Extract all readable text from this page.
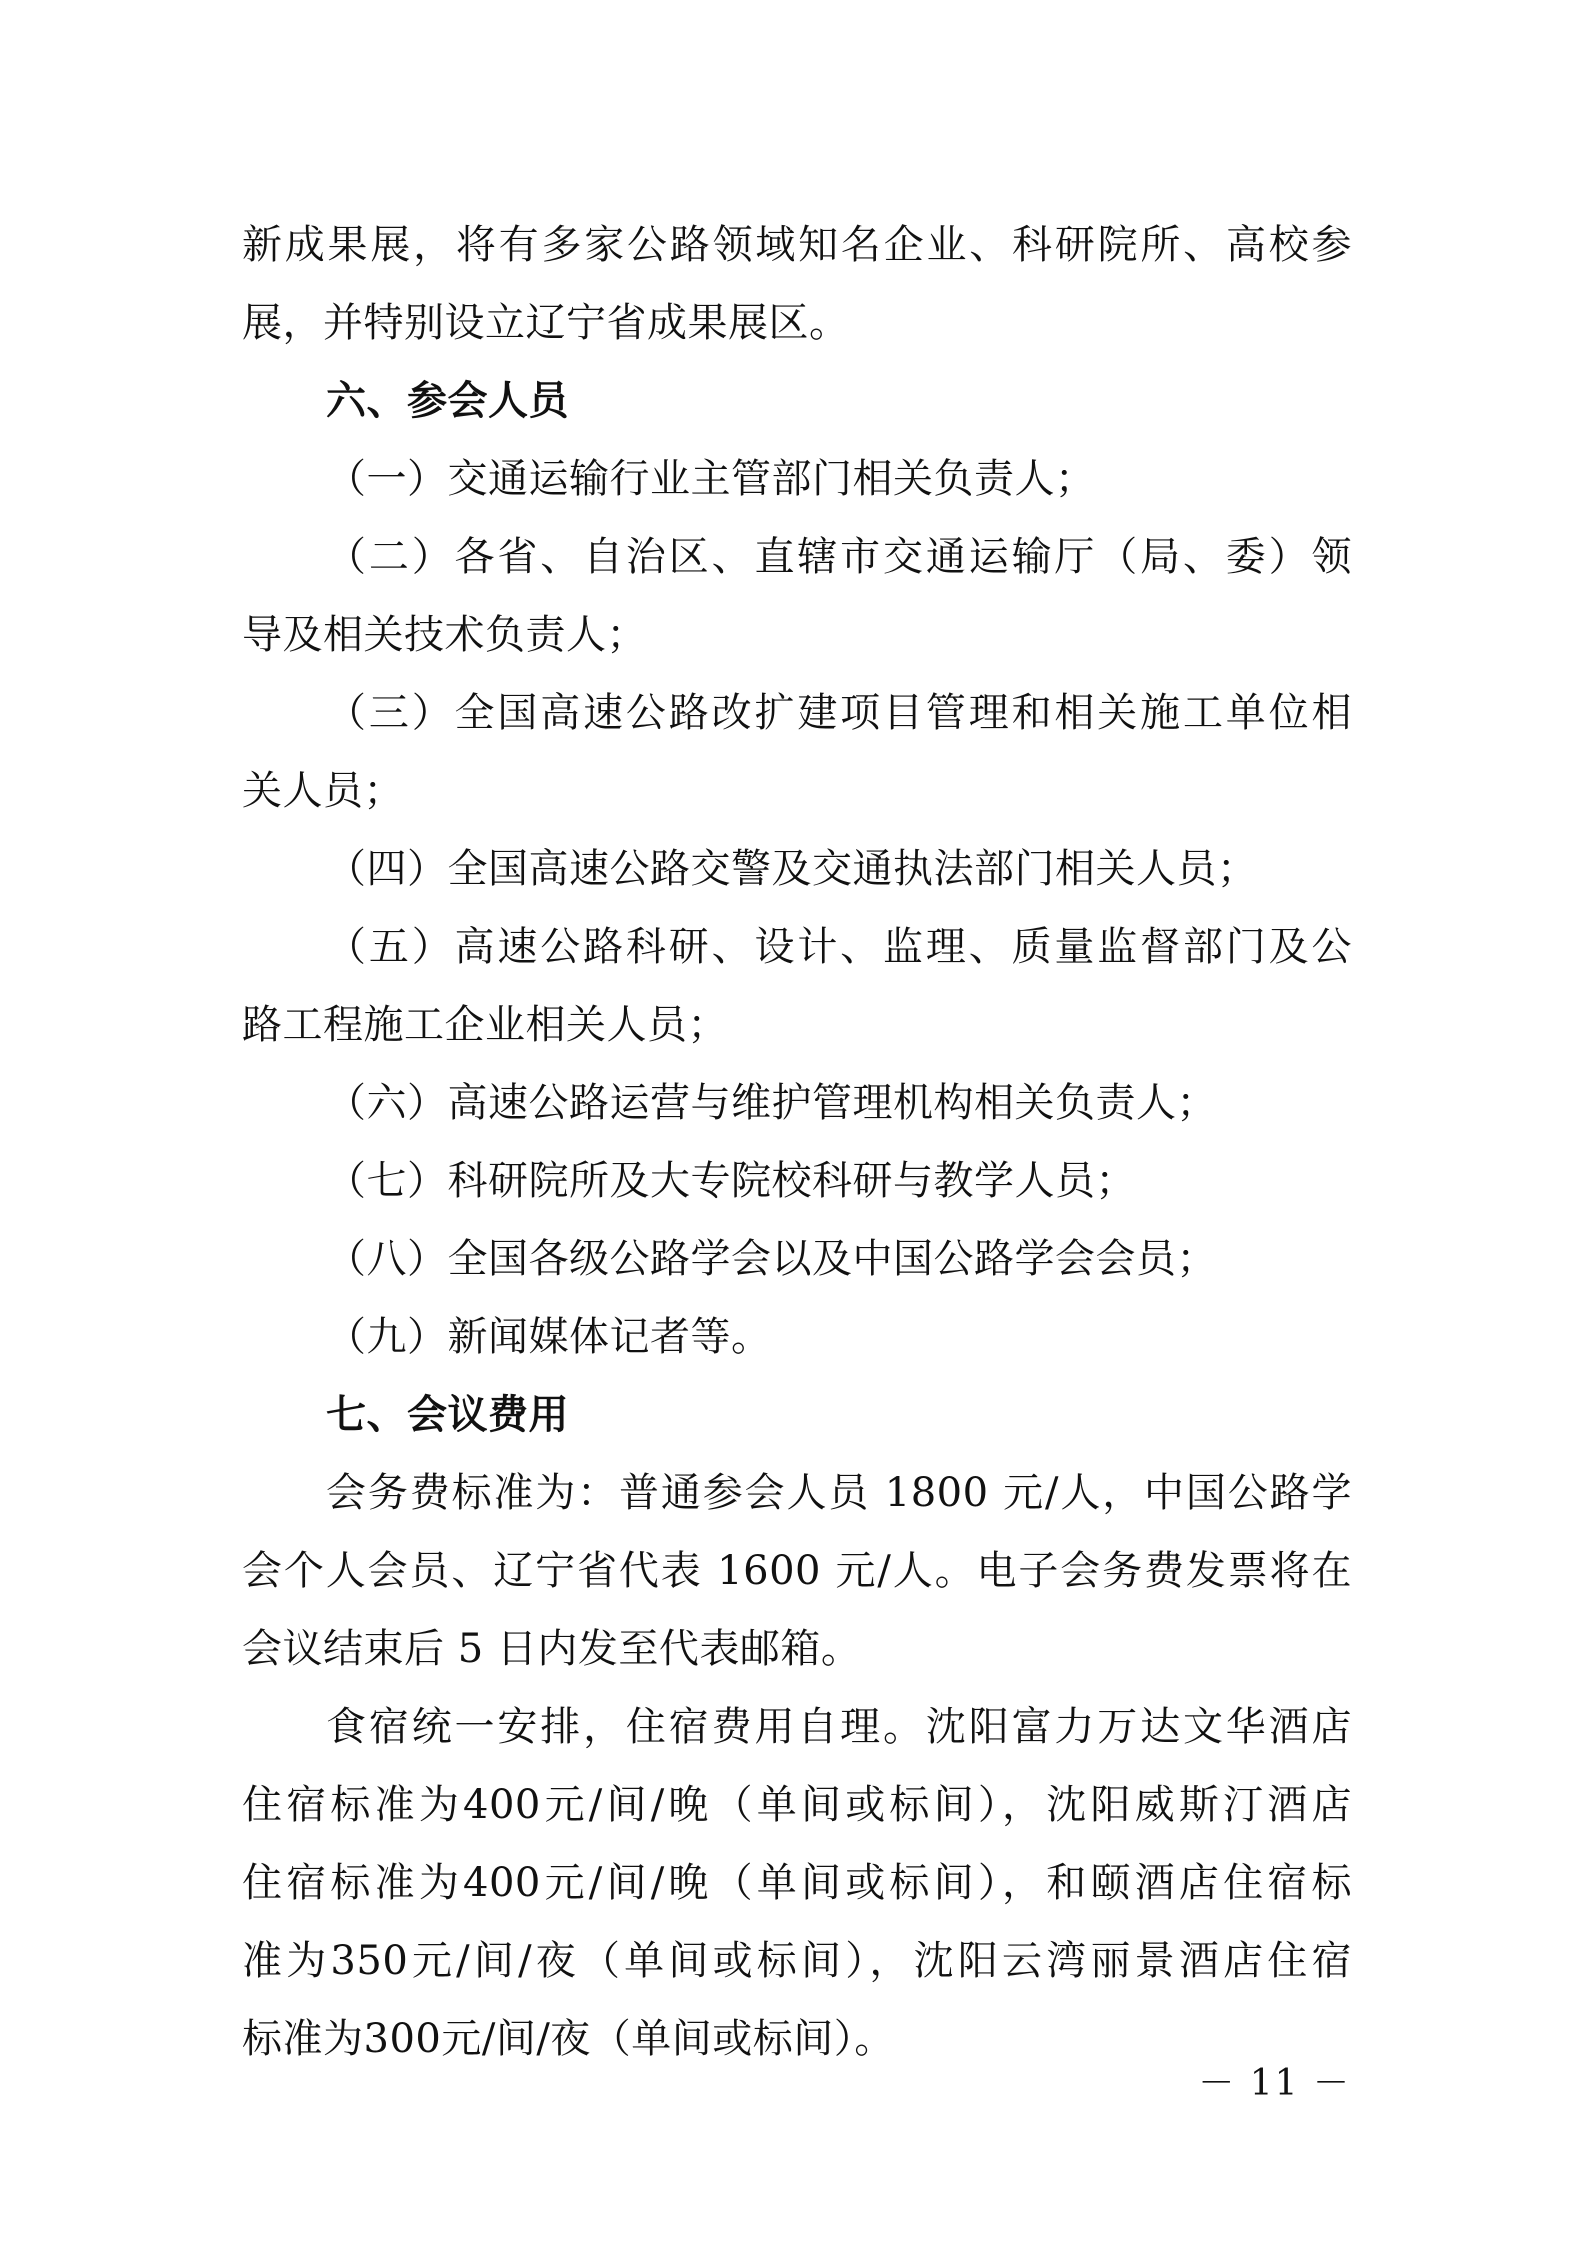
新成果展，将有多家公路领域知名企业、科研院所、高校参
展，并特别设立辽宁省成果展区。
六、参会人员
（一）交通运输行业主管部门相关负责人；
（二）各省、自治区、直辖市交通运输厅（局、委）领
导及相关技术负责人；
（三）全国高速公路改扩建项目管理和相关施工单位相
关人员；
（四）全国高速公路交警及交通执法部门相关人员；
（五）高速公路科研、设计、监理、质量监督部门及公
路工程施工企业相关人员；
（六）高速公路运营与维护管理机构相关负责人；
（七）科研院所及大专院校科研与教学人员；
（八）全国各级公路学会以及中国公路学会会员；
（九）新闻媒体记者等。
七、会议费用
会务费标准为：普通参会人员 1800 元/人，中国公路学
会个人会员、辽宁省代表 1600 元/人。电子会务费发票将在
会议结束后 5 日内发至代表邮箱。
食宿统一安排，住宿费用自理。沈阳富力万达文华酒店
住宿标准为400元/间/晚（单间或标间），沈阳威斯汀酒店
住宿标准为400元/间/晚（单间或标间），和颐酒店住宿标
准为350元/间/夜（单间或标间），沈阳云湾丽景酒店住宿
标准为300元/间/夜（单间或标间）。
－ 11 －
